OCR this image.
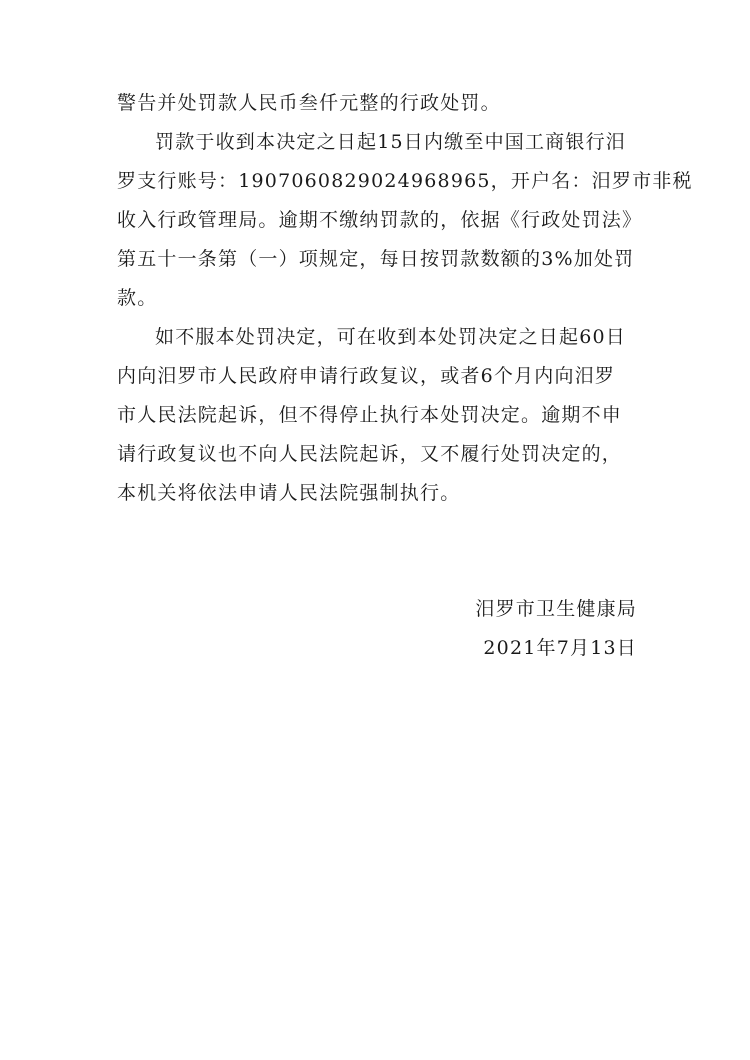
警告并处罚款人民币叁仟元整的行政处罚。

罚款于收到本决定之日起15日内缴至中国工商银行汨
罗支行账号：1907060829024968965，开户名：汨罗市非税
收入行政管理局。逾期不缴纳罚款的，依据《行政处罚法》
第五十一条第（一）项规定，每日按罚款数额的3%加处罚
款。

如不服本处罚决定，可在收到本处罚决定之日起60日
内向汨罗市人民政府申请行政复议，或者6个月内向汨罗
市人民法院起诉，但不得停止执行本处罚决定。逾期不申
请行政复议也不向人民法院起诉，又不履行处罚决定的，
本机关将依法申请人民法院强制执行。

汨罗市卫生健康局
2021年7月13日
